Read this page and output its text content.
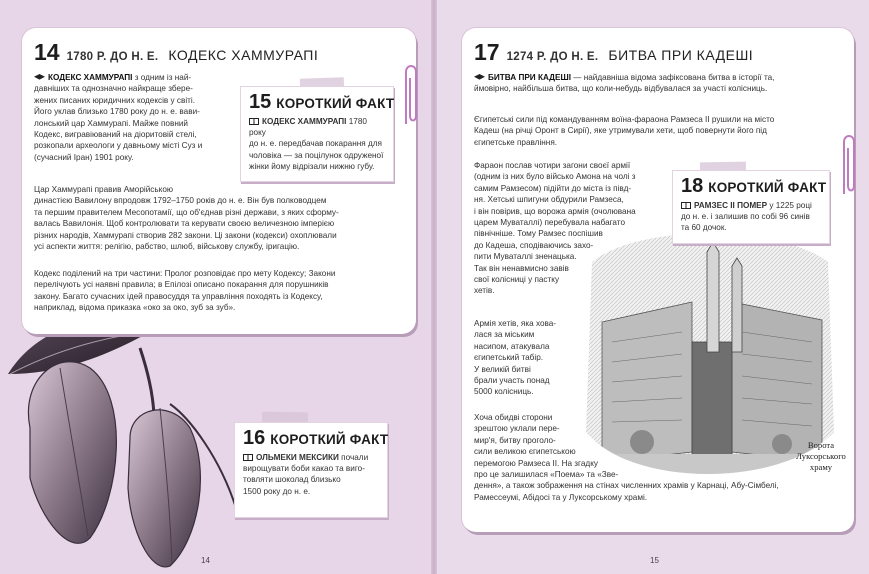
14 1780 Р. ДО Н. Е. КОДЕКС ХАММУРАПІ
КОДЕКС ХАММУРАПІ з одним із най-
давніших та однозначно найкраще збере-
жених писаних юридичних кодексів у світі.
Його уклав близько 1780 року до н. е. вави-
лонський цар Хаммурапі. Майже повний
Кодекс, вигравіюваний на діоритовій стелі,
розкопали археологи у давньому місті Суз и
(сучасний Іран) 1901 року.
Цар Хаммурапі правив Аморійською
династією Вавилону впродовж 1792–1750 років до н. е. Він був полководцем
та першим правителем Месопотамії, що об'єднав різні держави, з яких сформу-
валась Вавилонія. Щоб контролювати та керувати своєю величезною імперією
різних народів, Хаммурапі створив 282 закони. Ці закони (кодекси) охоплювали
усі аспекти життя: релігію, рабство, шлюб, військову службу, іригацію.
Кодекс поділений на три частини: Пролог розповідає про мету Кодексу; Закони
перелічують усі наявні правила; в Епілозі описано покарання для порушників
закону. Багато сучасних ідей правосуддя та управління походять із Кодексу,
наприклад, відома приказка «око за око, зуб за зуб».
15 КОРОТКИЙ ФАКТ
КОДЕКС ХАММУРАПІ 1780 року
до н. е. передбачав покарання для
чоловіка — за поцілунок одруженої
жінки йому відрізали нижню губу.
16 КОРОТКИЙ ФАКТ
ОЛЬМЕКИ МЕКСИКИ почали
вирощувати боби какао та виго-
товляти шоколад близько
1500 року до н. е.
14
17 1274 Р. ДО Н. Е. БИТВА ПРИ КАДЕШІ
БИТВА ПРИ КАДЕШІ — найдавніша відома зафіксована битва в історії та,
ймовірно, найбільша битва, що коли-небудь відбувалася за участі колісниць.
Єгипетські сили під командуванням воїна-фараона Рамзеса ІІ рушили на місто
Кадеш (на річці Оронт в Сирії), яке утримували хети, щоб повернути його під
єгипетське правління.
Фараон послав чотири загони своєї армії
(одним із них було військо Амона на чолі з
самим Рамзесом) підійти до міста із півд-
ня. Хетські шпигуни обдурили Рамзеса,
і він повірив, що ворожа армія (очолювана
царем Муваталлі) перебувала набагато
північніше. Тому Рамзес поспішив
до Кадеша, сподіваючись захо-
пити Муваталлі зненацька.
Так він ненавмисно завів
свої колісниці у пастку
хетів.
Армія хетів, яка хова-
лася за міським
насипом, атакувала
єгипетський табір.
У великій битві
брали участь понад
5000 колісниць.
Хоча обидві сторони
зрештою уклали пере-
мир'я, битву проголо-
сили великою єгипетською
перемогою Рамзеса ІІ. На згадку
про це залишилася «Поема» та «Зве-
дення», а також зображення на стінах численних храмів у Карнаці, Абу-Сімбелі,
Рамессеумі, Абідосі та у Луксорському храмі.
Ворота
Луксорського
храму
18 КОРОТКИЙ ФАКТ
РАМЗЕС ІІ ПОМЕР у 1225 році
до н. е. і залишив по собі 96 синів
та 60 дочок.
15
